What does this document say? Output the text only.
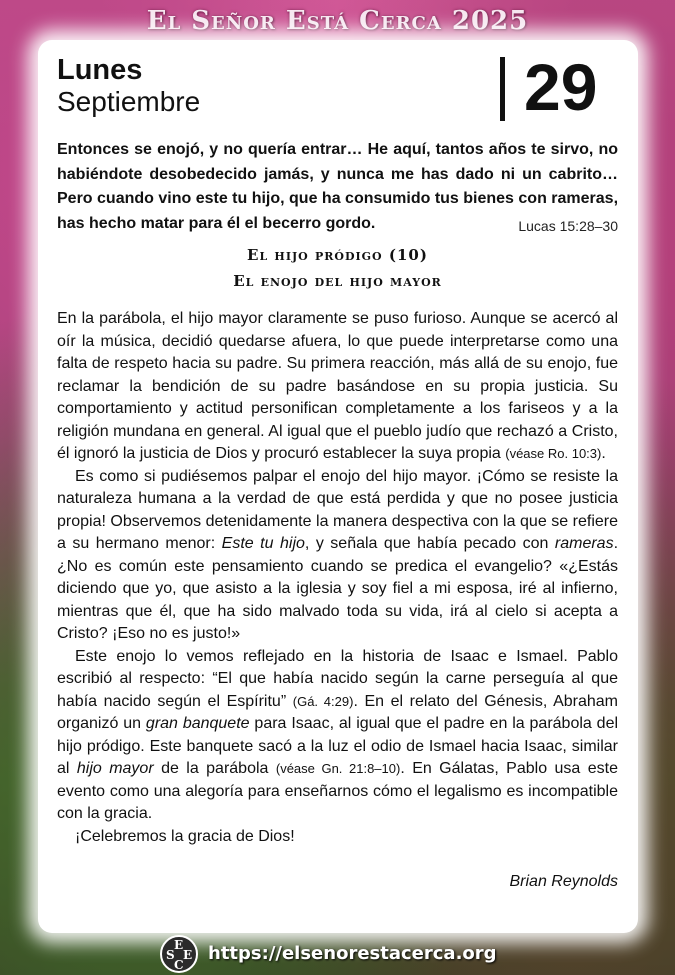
El Señor Está Cerca 2025
Lunes
Septiembre	29
Entonces se enojó, y no quería entrar… He aquí, tantos años te sirvo, no habiéndote desobedecido jamás, y nunca me has dado ni un cabrito… Pero cuando vino este tu hijo, que ha consumido tus bienes con rameras, has hecho matar para él el becerro gordo.	Lucas 15:28–30
El hijo pródigo (10)
El enojo del hijo mayor

En la parábola, el hijo mayor claramente se puso furioso. Aunque se acercó al oír la música, decidió quedarse afuera, lo que puede interpretarse como una falta de respeto hacia su padre. Su primera reacción, más allá de su enojo, fue reclamar la bendición de su padre basándose en su propia justicia. Su comportamiento y actitud personifican completamente a los fariseos y a la religión mundana en general. Al igual que el pueblo judío que rechazó a Cristo, él ignoró la justicia de Dios y procuró establecer la suya propia (véase Ro. 10:3).

Es como si pudiésemos palpar el enojo del hijo mayor. ¡Cómo se resiste la naturaleza humana a la verdad de que está perdida y que no posee justicia propia! Observemos detenidamente la manera despectiva con la que se refiere a su hermano menor: Este tu hijo, y señala que había pecado con rameras. ¿No es común este pensamiento cuando se predica el evangelio? «¿Estás diciendo que yo, que asisto a la iglesia y soy fiel a mi esposa, iré al infierno, mientras que él, que ha sido malvado toda su vida, irá al cielo si acepta a Cristo? ¡Eso no es justo!»

Este enojo lo vemos reflejado en la historia de Isaac e Ismael. Pablo escribió al respecto: “El que había nacido según la carne perseguía al que había nacido según el Espíritu” (Gá. 4:29). En el relato del Génesis, Abraham organizó un gran banquete para Isaac, al igual que el padre en la parábola del hijo pródigo. Este banquete sacó a la luz el odio de Ismael hacia Isaac, similar al hijo mayor de la parábola (véase Gn. 21:8–10). En Gálatas, Pablo usa este evento como una alegoría para enseñarnos cómo el legalismo es incompatible con la gracia.

¡Celebremos la gracia de Dios!

Brian Reynolds
E
S E
C
https://elsenorestacerca.org
